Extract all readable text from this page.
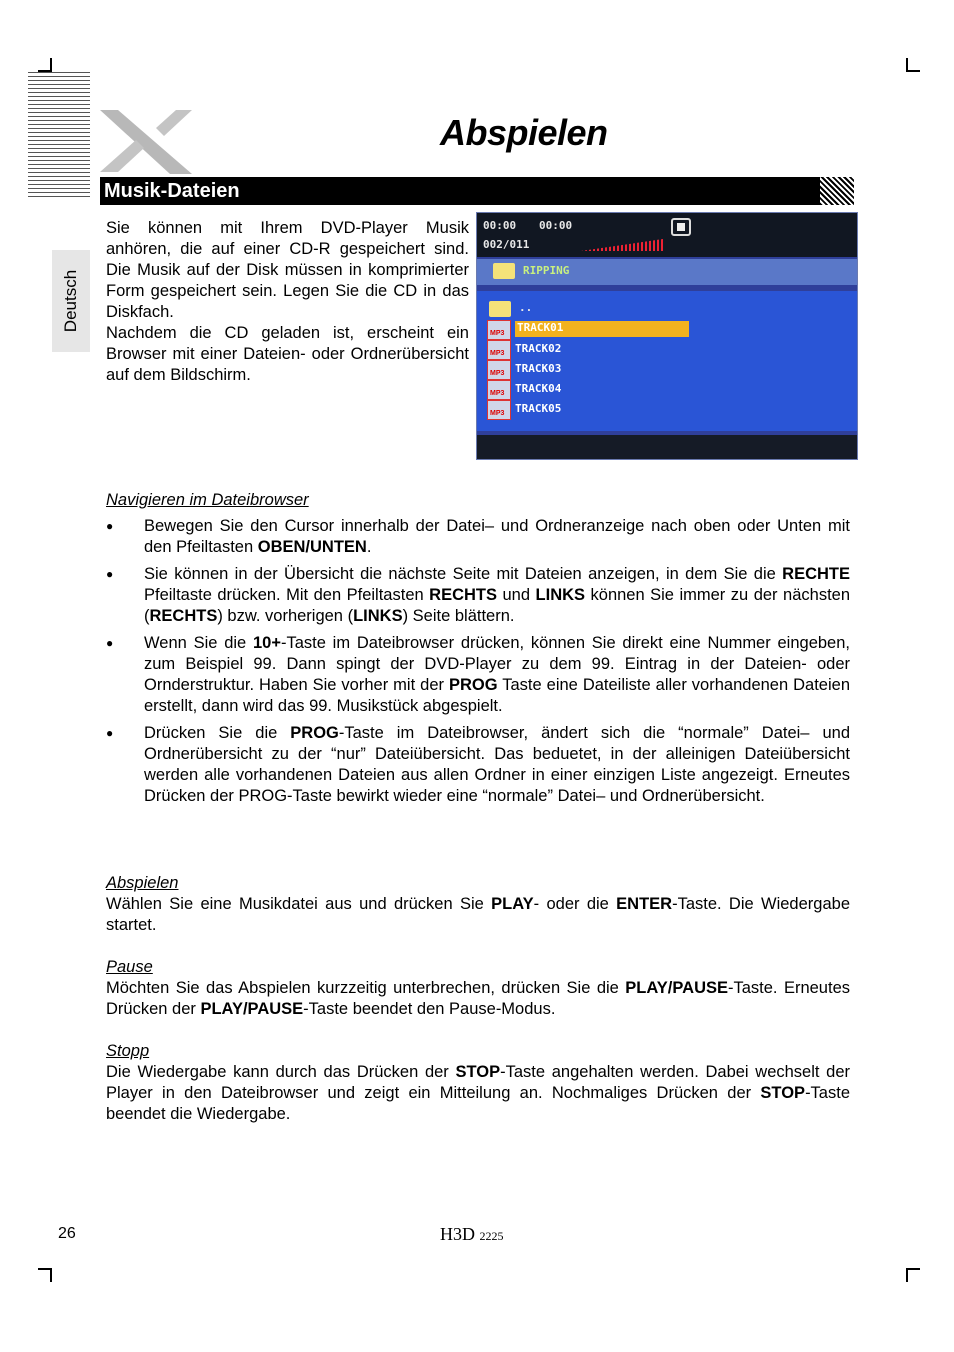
Abspielen
Musik-Dateien
Deutsch

Sie können mit Ihrem DVD-Player Musik anhören, die auf einer CD-R gespeichert sind. Die Musik auf der Disk müssen in komprimierter Form gespeichert sein. Legen Sie die CD in das Diskfach.

Nachdem die CD geladen ist, erscheint ein Browser mit einer Dateien- oder Ordnerübersicht auf dem Bildschirm.

00:00 00:00
002/011
RIPPING
..
MP3 TRACK01
MP3 TRACK02
MP3 TRACK03
MP3 TRACK04
MP3 TRACK05
Navigieren im Dateibrowser

● Bewegen Sie den Cursor innerhalb der Datei– und Ordneranzeige nach oben oder Unten mit den Pfeiltasten OBEN/UNTEN.

● Sie können in der Übersicht die nächste Seite mit Dateien anzeigen, in dem Sie die RECHTE Pfeiltaste drücken. Mit den Pfeiltasten RECHTS und LINKS können Sie immer zu der nächsten (RECHTS) bzw. vorherigen (LINKS) Seite blättern.

● Wenn Sie die 10+-Taste im Dateibrowser drücken, können Sie direkt eine Nummer eingeben, zum Beispiel 99. Dann spingt der DVD-Player zu dem 99. Eintrag in der Dateien- oder Ornderstruktur. Haben Sie vorher mit der PROG Taste eine Dateiliste aller vorhandenen Dateien erstellt, dann wird das 99. Musikstück abgespielt.

● Drücken Sie die PROG-Taste im Dateibrowser, ändert sich die “normale” Datei– und Ordnerübersicht zu der “nur” Dateiübersicht. Das beduetet, in der alleinigen Dateiübersicht werden alle vorhandenen Dateien aus allen Ordner in einer einzigen Liste angezeigt. Erneutes Drücken der PROG-Taste bewirkt wieder eine “normale” Datei– und Ordnerübersicht.

Abspielen

Wählen Sie eine Musikdatei aus und drücken Sie PLAY- oder die ENTER-Taste. Die Wiedergabe startet.

Pause

Möchten Sie das Abspielen kurzzeitig unterbrechen, drücken Sie die PLAY/PAUSE-Taste. Erneutes Drücken der PLAY/PAUSE-Taste beendet den Pause-Modus.

Stopp

Die Wiedergabe kann durch das Drücken der STOP-Taste angehalten werden. Dabei wechselt der Player in den Dateibrowser und zeigt ein Mitteilung an. Nochmaliges Drücken der STOP-Taste beendet die Wiedergabe.

26	H3D 2225
